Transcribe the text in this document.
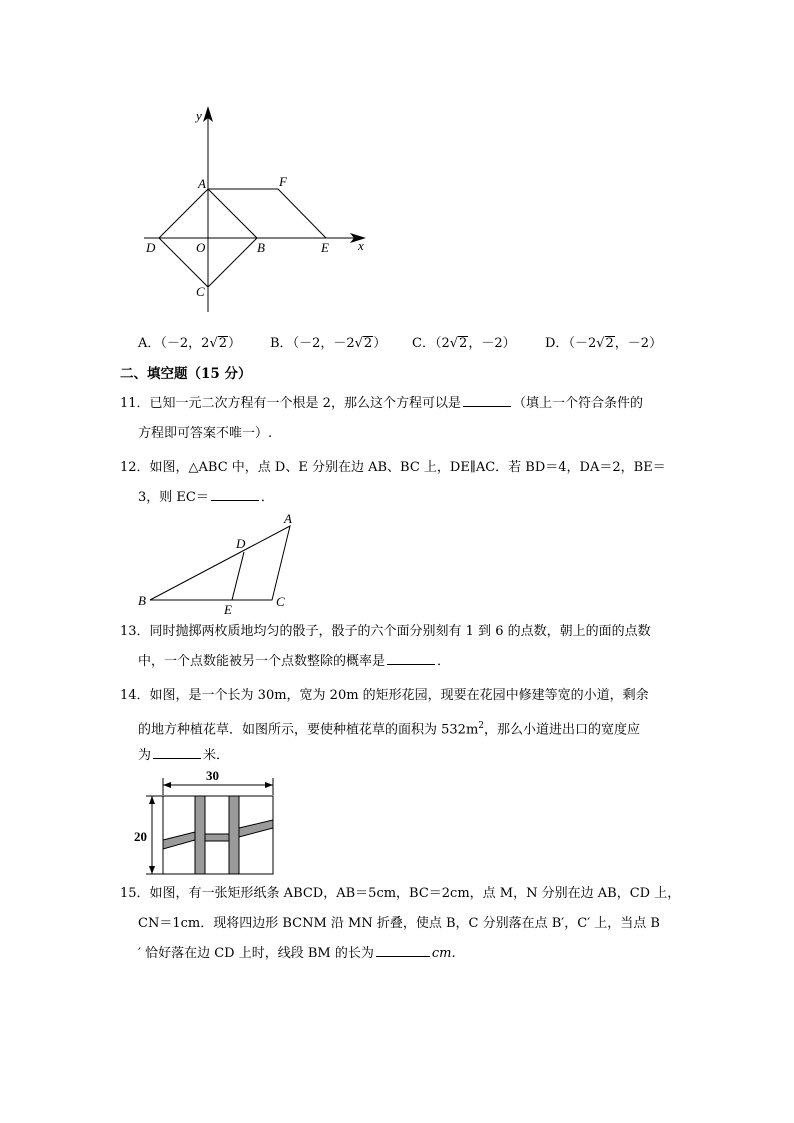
y
x
A	F
D	O	B	E
C
A．（－2，2√2） B．（－2，－2√2） C．（2√2，－2） D．（－2√2，－2）
二、填空题（15 分）
11．已知一元二次方程有一个根是 2，那么这个方程可以是	（填上一个符合条件的
方程即可答案不唯一）.
12．如图，△ABC 中，点 D、E 分别在边 AB、BC 上，DE∥AC．若 BD＝4，DA＝2，BE＝
3，则 EC＝	．
A
D
B
E
C
13．同时抛掷两枚质地均匀的骰子，骰子的六个面分别刻有 1 到 6 的点数，朝上的面的点数
中，一个点数能被另一个点数整除的概率是	．
14．如图，是一个长为 30m，宽为 20m 的矩形花园，现要在花园中修建等宽的小道，剩余
的地方种植花草．如图所示，要使种植花草的面积为 $532m^2$，那么小道进出口的宽度应
为	米．
30
20
15．如图，有一张矩形纸条 ABCD，AB＝5cm，BC＝2cm，点 M，N 分别在边 AB，CD 上，
CN＝1cm．现将四边形 BCNM 沿 MN 折叠，使点 B，C 分别落在点 B′，C′ 上，当点 B
′ 恰好落在边 CD 上时，线段 BM 的长为	cm.
